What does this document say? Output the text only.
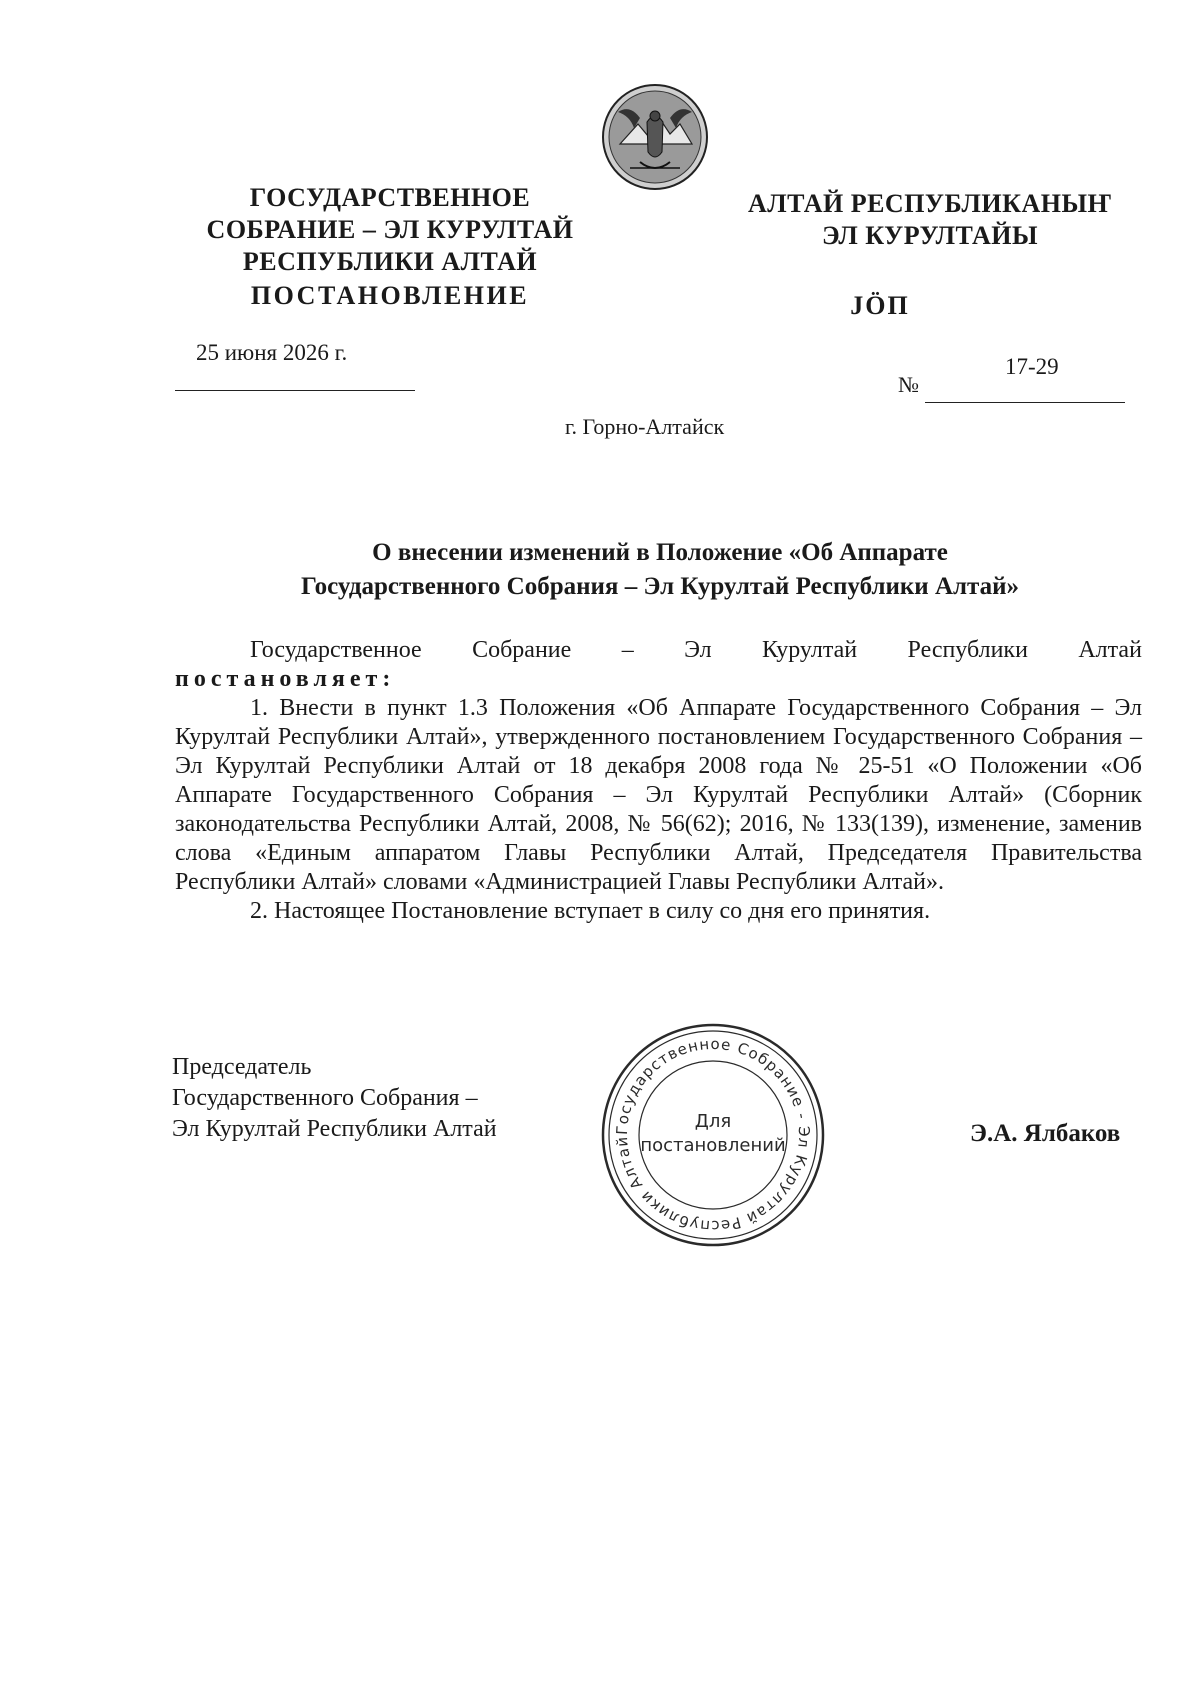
ГОСУДАРСТВЕННОЕ

СОБРАНИЕ – ЭЛ КУРУЛТАЙ

РЕСПУБЛИКИ АЛТАЙ

АЛТАЙ РЕСПУБЛИКАНЫҤ

ЭЛ КУРУЛТАЙЫ

ПОСТАНОВЛЕНИЕ	JӦП

25 июня 2026 г.
№
17-29
г. Горно-Алтайск
О внесении изменений в Положение «Об Аппарате
Государственного Собрания – Эл Курултай Республики Алтай»
Государственное Собрание – Эл Курултай Республики Алтай

постановляет:

1. Внести в пункт 1.3 Положения «Об Аппарате Государственного Собрания – Эл Курултай Республики Алтай», утвержденного постановлением Государственного Собрания – Эл Курултай Республики Алтай от 18 декабря 2008 года № 25-51 «О Положении «Об Аппарате Государственного Собрания – Эл Курултай Республики Алтай» (Сборник законодательства Республики Алтай, 2008, № 56(62); 2016, № 133(139), изменение, заменив слова «Единым аппаратом Главы Республики Алтай, Председателя Правительства Республики Алтай» словами «Администрацией Главы Республики Алтай».

2. Настоящее Постановление вступает в силу со дня его принятия.

Председатель
Государственного Собрания –
Эл Курултай Республики Алтай	Государственное Собрание - Эл Курултай Республики Алтай
Для
постановлений	Э.А. Ялбаков
